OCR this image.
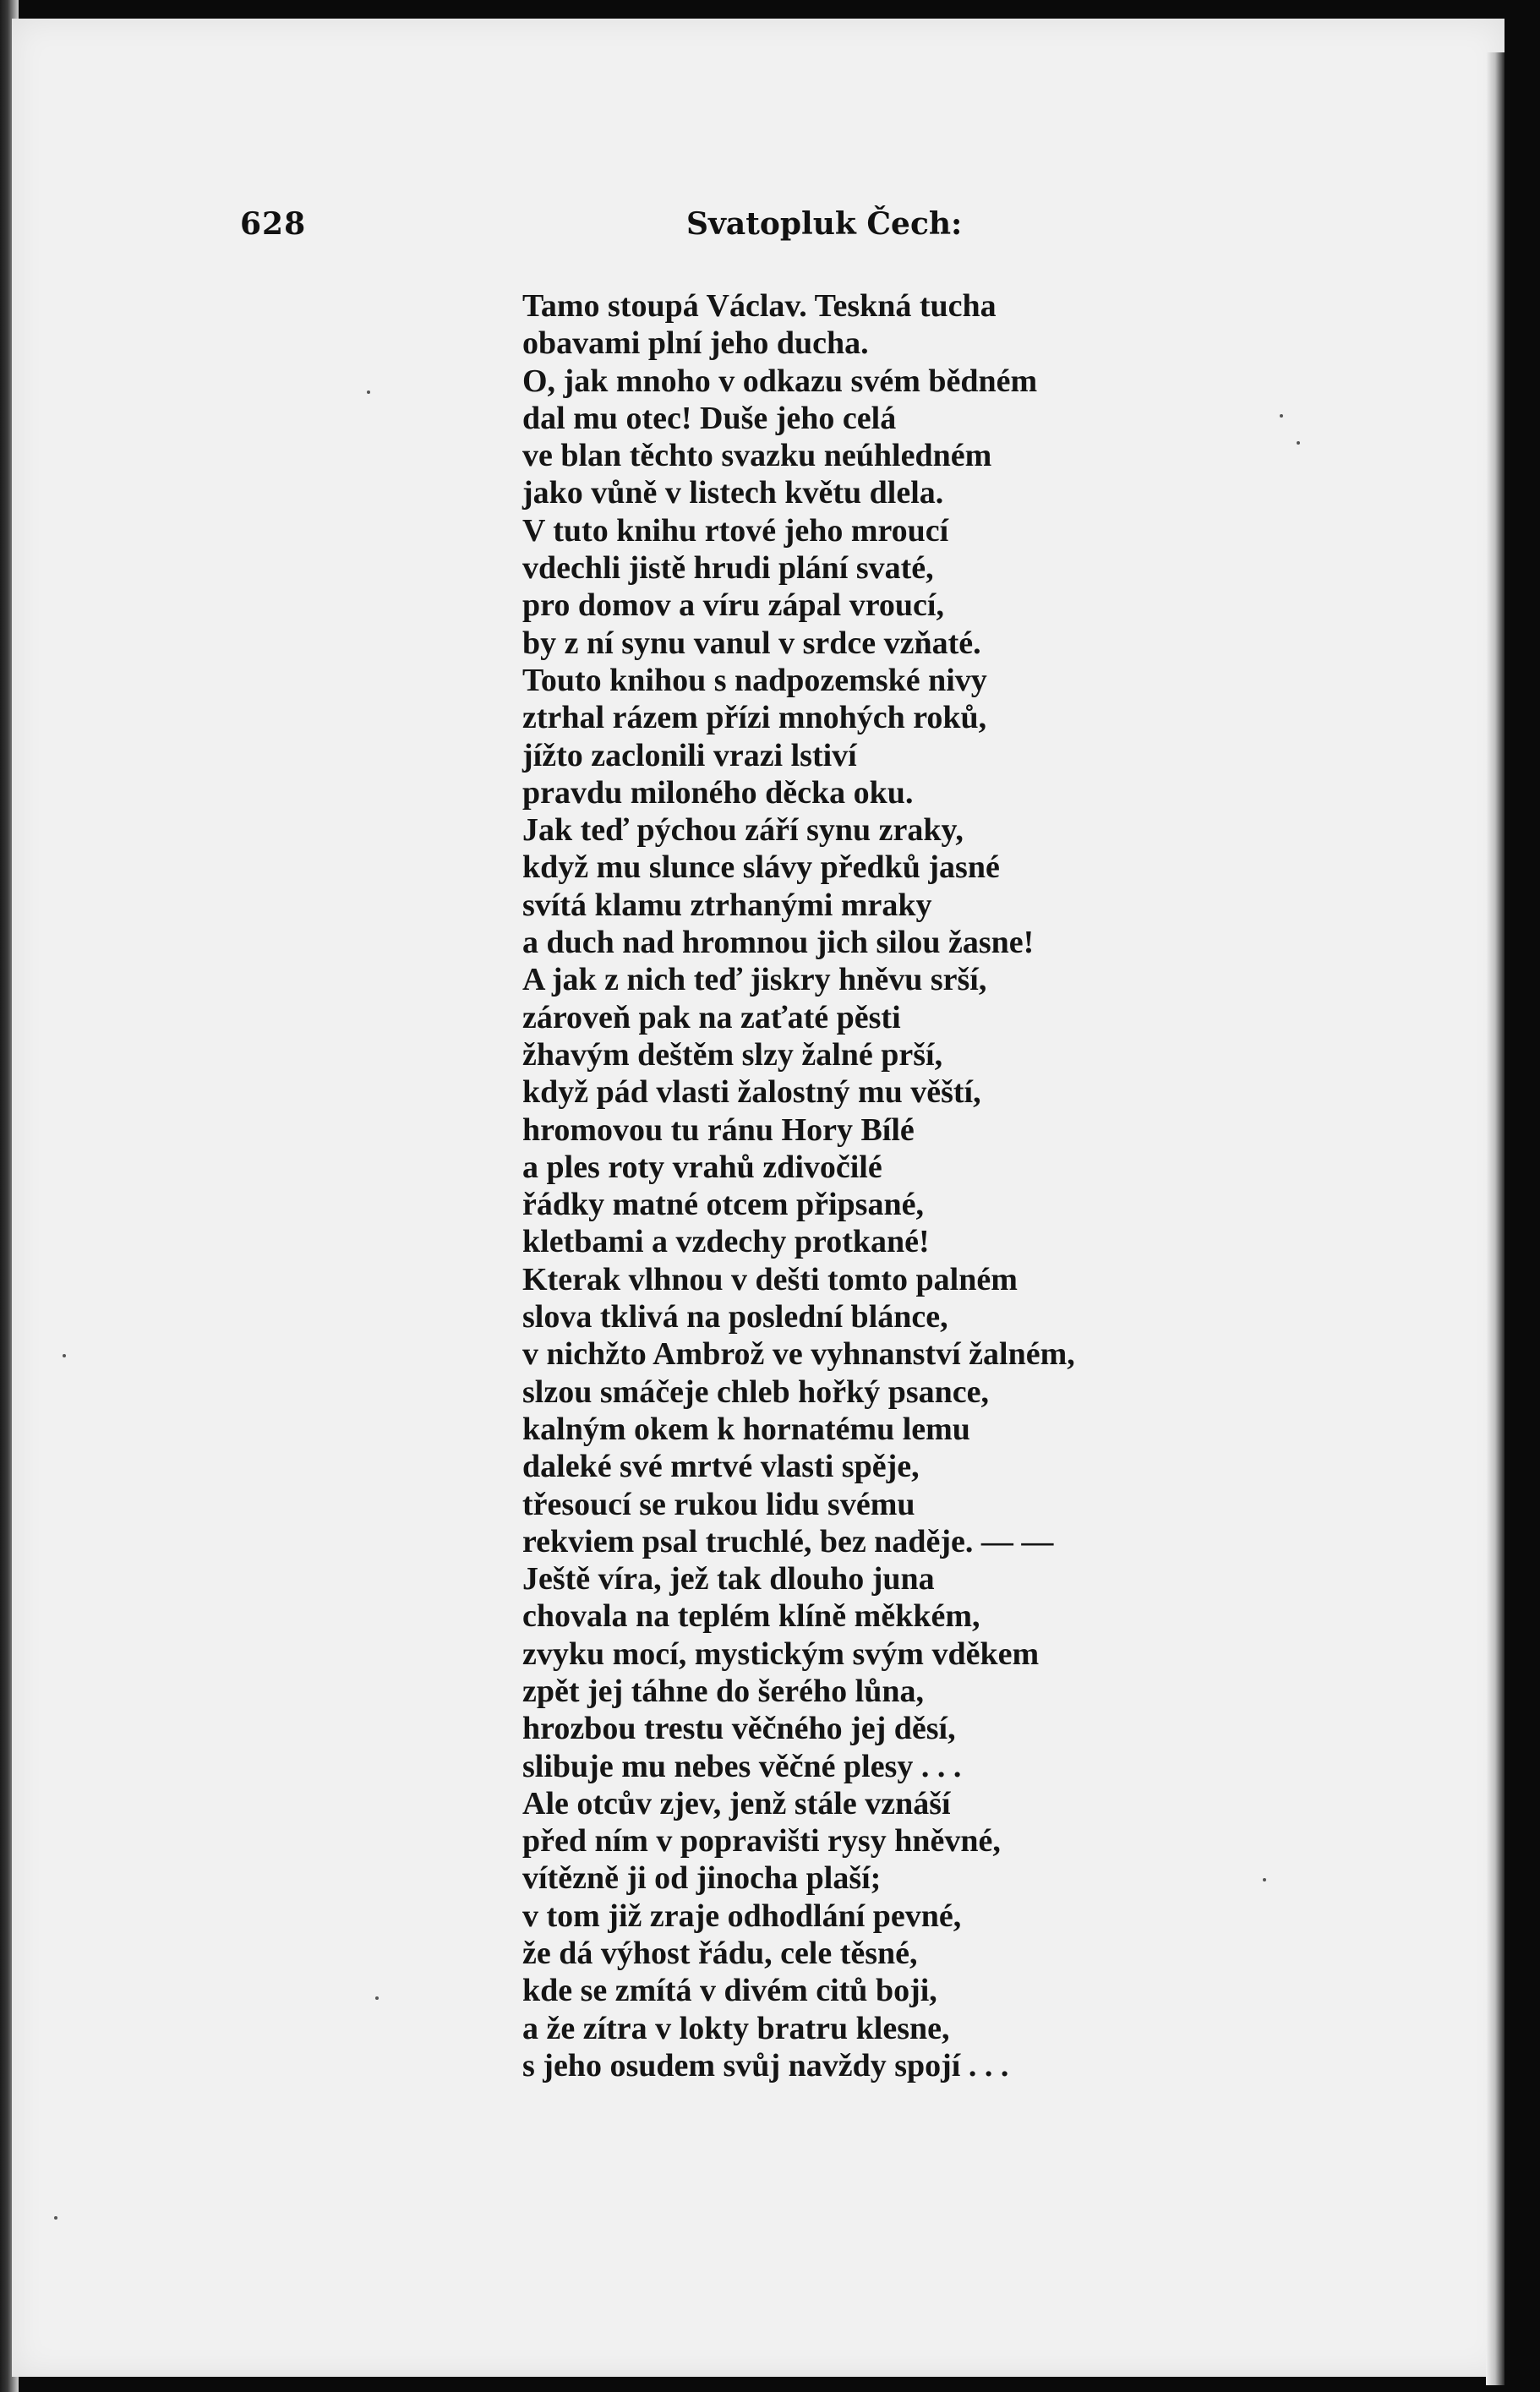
628	Svatopluk Čech:
Tamo stoupá Václav. Teskná tucha
obavami plní jeho ducha.
O, jak mnoho v odkazu svém bědném
dal mu otec! Duše jeho celá
ve blan těchto svazku neúhledném
jako vůně v listech květu dlela.
V tuto knihu rtové jeho mroucí
vdechli jistě hrudi plání svaté,
pro domov a víru zápal vroucí,
by z ní synu vanul v srdce vzňaté.
Touto knihou s nadpozemské nivy
ztrhal rázem přízi mnohých roků,
jížto zaclonili vrazi lstiví
pravdu miloného děcka oku.
Jak teď pýchou září synu zraky,
když mu slunce slávy předků jasné
svítá klamu ztrhanými mraky
a duch nad hromnou jich silou žasne!
A jak z nich teď jiskry hněvu srší,
zároveň pak na zaťaté pěsti
žhavým deštěm slzy žalné prší,
když pád vlasti žalostný mu věští,
hromovou tu ránu Hory Bílé
a ples roty vrahů zdivočilé
řádky matné otcem připsané,
kletbami a vzdechy protkané!
Kterak vlhnou v dešti tomto palném
slova tklivá na poslední blánce,
v nichžto Ambrož ve vyhnanství žalném,
slzou smáčeje chleb hořký psance,
kalným okem k hornatému lemu
daleké své mrtvé vlasti spěje,
třesoucí se rukou lidu svému
rekviem psal truchlé, bez naděje. — —
Ještě víra, jež tak dlouho juna
chovala na teplém klíně měkkém,
zvyku mocí, mystickým svým vděkem
zpět jej táhne do šerého lůna,
hrozbou trestu věčného jej děsí,
slibuje mu nebes věčné plesy . . .
Ale otcův zjev, jenž stále vznáší
před ním v popravišti rysy hněvné,
vítězně ji od jinocha plaší;
v tom již zraje odhodlání pevné,
že dá výhost řádu, cele těsné,
kde se zmítá v divém citů boji,
a že zítra v lokty bratru klesne,
s jeho osudem svůj navždy spojí . . .
